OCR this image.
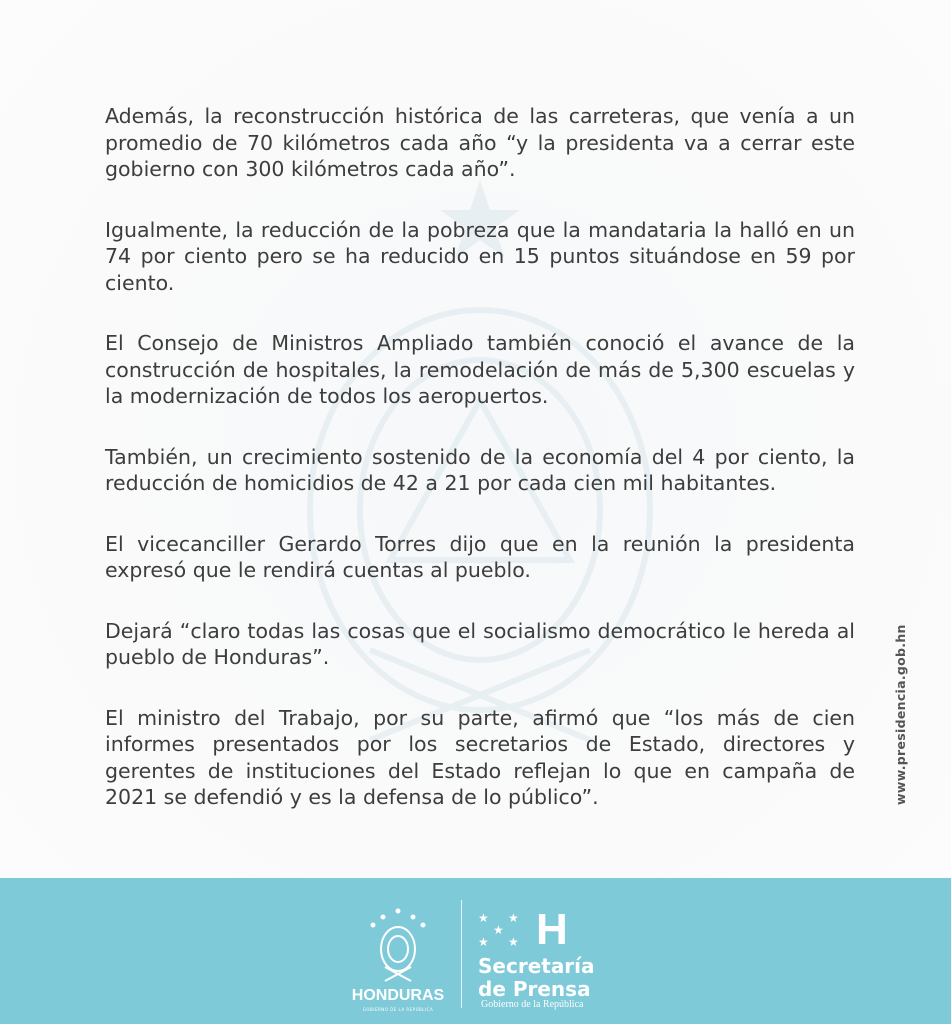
Además, la reconstrucción histórica de las carreteras, que venía a un promedio de 70 kilómetros cada año “y la presidenta va a cerrar este gobierno con 300 kilómetros cada año”.

Igualmente, la reducción de la pobreza que la mandataria la halló en un 74 por ciento pero se ha reducido en 15 puntos situándose en 59 por ciento.

El Consejo de Ministros Ampliado también conoció el avance de la construcción de hospitales, la remodelación de más de 5,300 escuelas y la modernización de todos los aeropuertos.

También, un crecimiento sostenido de la economía del 4 por ciento, la reducción de homicidios de 42 a 21 por cada cien mil habitantes.

El vicecanciller Gerardo Torres dijo que en la reunión la presidenta expresó que le rendirá cuentas al pueblo.

Dejará “claro todas las cosas que el socialismo democrático le hereda al pueblo de Honduras”.

El ministro del Trabajo, por su parte, afirmó que “los más de cien informes presentados por los secretarios de Estado, directores y gerentes de instituciones del Estado reflejan lo que en campaña de 2021 se defendió y es la defensa de lo público”.	www.presidencia.gob.hn
HONDURAS
GOBIERNO DE LA REPÚBLICA
★ ★
★
★ ★ H
Secretaría
de Prensa
Gobierno de la República
